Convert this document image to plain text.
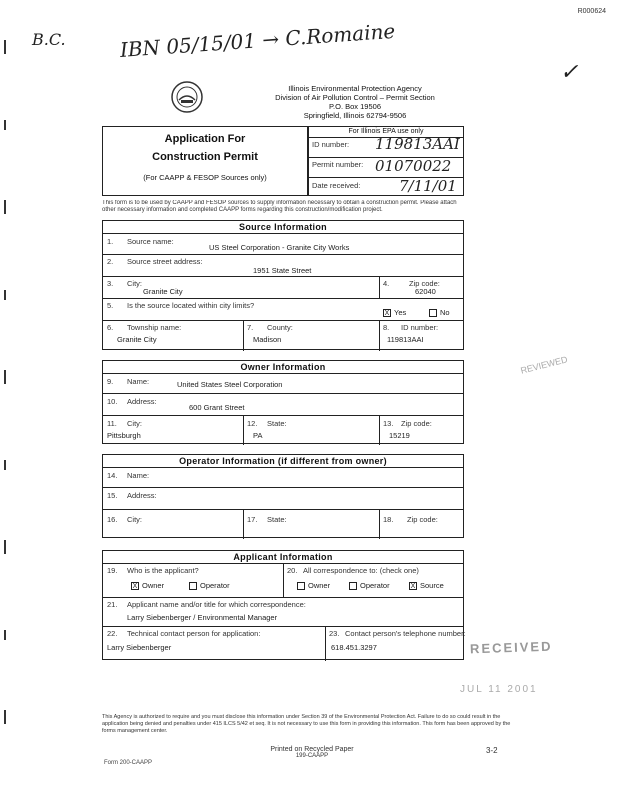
R000624
B.C.	IBN 05/15/01 → C.Romaine
✓
Illinois Environmental Protection Agency
Division of Air Pollution Control – Permit Section
P.O. Box 19506
Springfield, Illinois 62794-9506
Application For
Construction Permit
(For CAAPP & FESOP Sources only)
For Illinois EPA use only
ID number: 119813AAI
Permit number: 01070022
Date received:	7/11/01
This form is to be used by CAAPP and FESOP sources to supply information necessary to obtain a construction permit. Please attach other necessary information and completed CAAPP forms regarding this construction/modification project.
Source Information
1. Source name:
US Steel Corporation - Granite City Works
2. Source street address:
1951 State Street
3. City:
Granite City
4.	Zip code:
62040
5. Is the source located within city limits?
X Yes	No
6. Township name:
Granite City
7. County:
Madison
8. ID number:
119813AAI
Owner Information
9. Name:	United States Steel Corporation
10. Address:
600 Grant Street
11. City:
Pittsburgh
12. State:
PA
13. Zip code:
15219
Operator Information (if different from owner)
14. Name:
15. Address:
16. City:	17. State:	18. Zip code:
Applicant Information
19. Who is the applicant?
X Owner	Operator
20. All correspondence to: (check one)
Owner	Operator	X Source
21. Applicant name and/or title for which correspondence:
Larry Siebenberger / Environmental Manager
22. Technical contact person for application:
Larry Siebenberger
23. Contact person's telephone number:
618.451.3297	RECEIVED
JUL 11 2001
REVIEWED
This Agency is authorized to require and you must disclose this information under Section 39 of the Environmental Protection Act. Failure to do so could result in the application being denied and penalties under 415 ILCS 5/42 et seq. It is not necessary to use this form in providing this information. This form has been approved by the forms management center.
Form 200-CAAPP
Printed on Recycled Paper
199-CAAPP
3-2
